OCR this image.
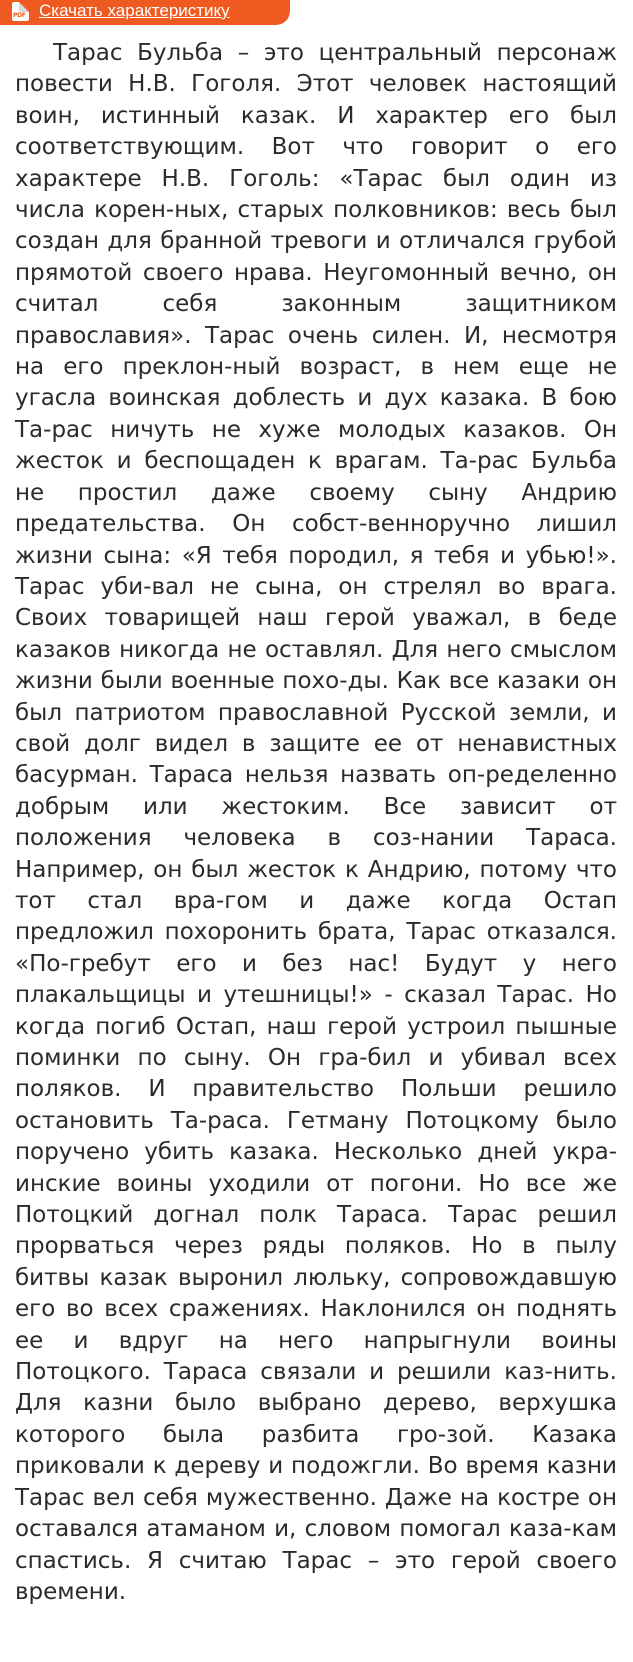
PDF Скачать характеристику

Тарас Бульба – это центральный персонаж повести Н.В. Гоголя. Этот человек настоящий воин, истинный казак. И характер его был соответствующим. Вот что говорит о его характере Н.В. Гоголь: «Тарас был один из числа корен-ных, старых полковников: весь был создан для бранной тревоги и отличался грубой прямотой своего нрава. Неугомонный вечно, он считал себя законным защитником православия». Тарас очень силен. И, несмотря на его преклон-ный возраст, в нем еще не угасла воинская доблесть и дух казака. В бою Та-рас ничуть не хуже молодых казаков. Он жесток и беспощаден к врагам. Та-рас Бульба не простил даже своему сыну Андрию предательства. Он собст-венноручно лишил жизни сына: «Я тебя породил, я тебя и убью!». Тарас уби-вал не сына, он стрелял во врага. Своих товарищей наш герой уважал, в беде казаков никогда не оставлял. Для него смыслом жизни были военные похо-ды. Как все казаки он был патриотом православной Русской земли, и свой долг видел в защите ее от ненавистных басурман. Тараса нельзя назвать оп-ределенно добрым или жестоким. Все зависит от положения человека в соз-нании Тараса. Например, он был жесток к Андрию, потому что тот стал вра-гом и даже когда Остап предложил похоронить брата, Тарас отказался. «По-гребут его и без нас! Будут у него плакальщицы и утешницы!» - сказал Тарас. Но когда погиб Остап, наш герой устроил пышные поминки по сыну. Он гра-бил и убивал всех поляков. И правительство Польши решило остановить Та-раса. Гетману Потоцкому было поручено убить казака. Несколько дней укра-инские воины уходили от погони. Но все же Потоцкий догнал полк Тараса. Тарас решил прорваться через ряды поляков. Но в пылу битвы казак выронил люльку, сопровождавшую его во всех сражениях. Наклонился он поднять ее и вдруг на него напрыгнули воины Потоцкого. Тараса связали и решили каз-нить. Для казни было выбрано дерево, верхушка которого была разбита гро-зой. Казака приковали к дереву и подожгли. Во время казни Тарас вел себя мужественно. Даже на костре он оставался атаманом и, словом помогал каза-кам спастись. Я считаю Тарас – это герой своего времени.
